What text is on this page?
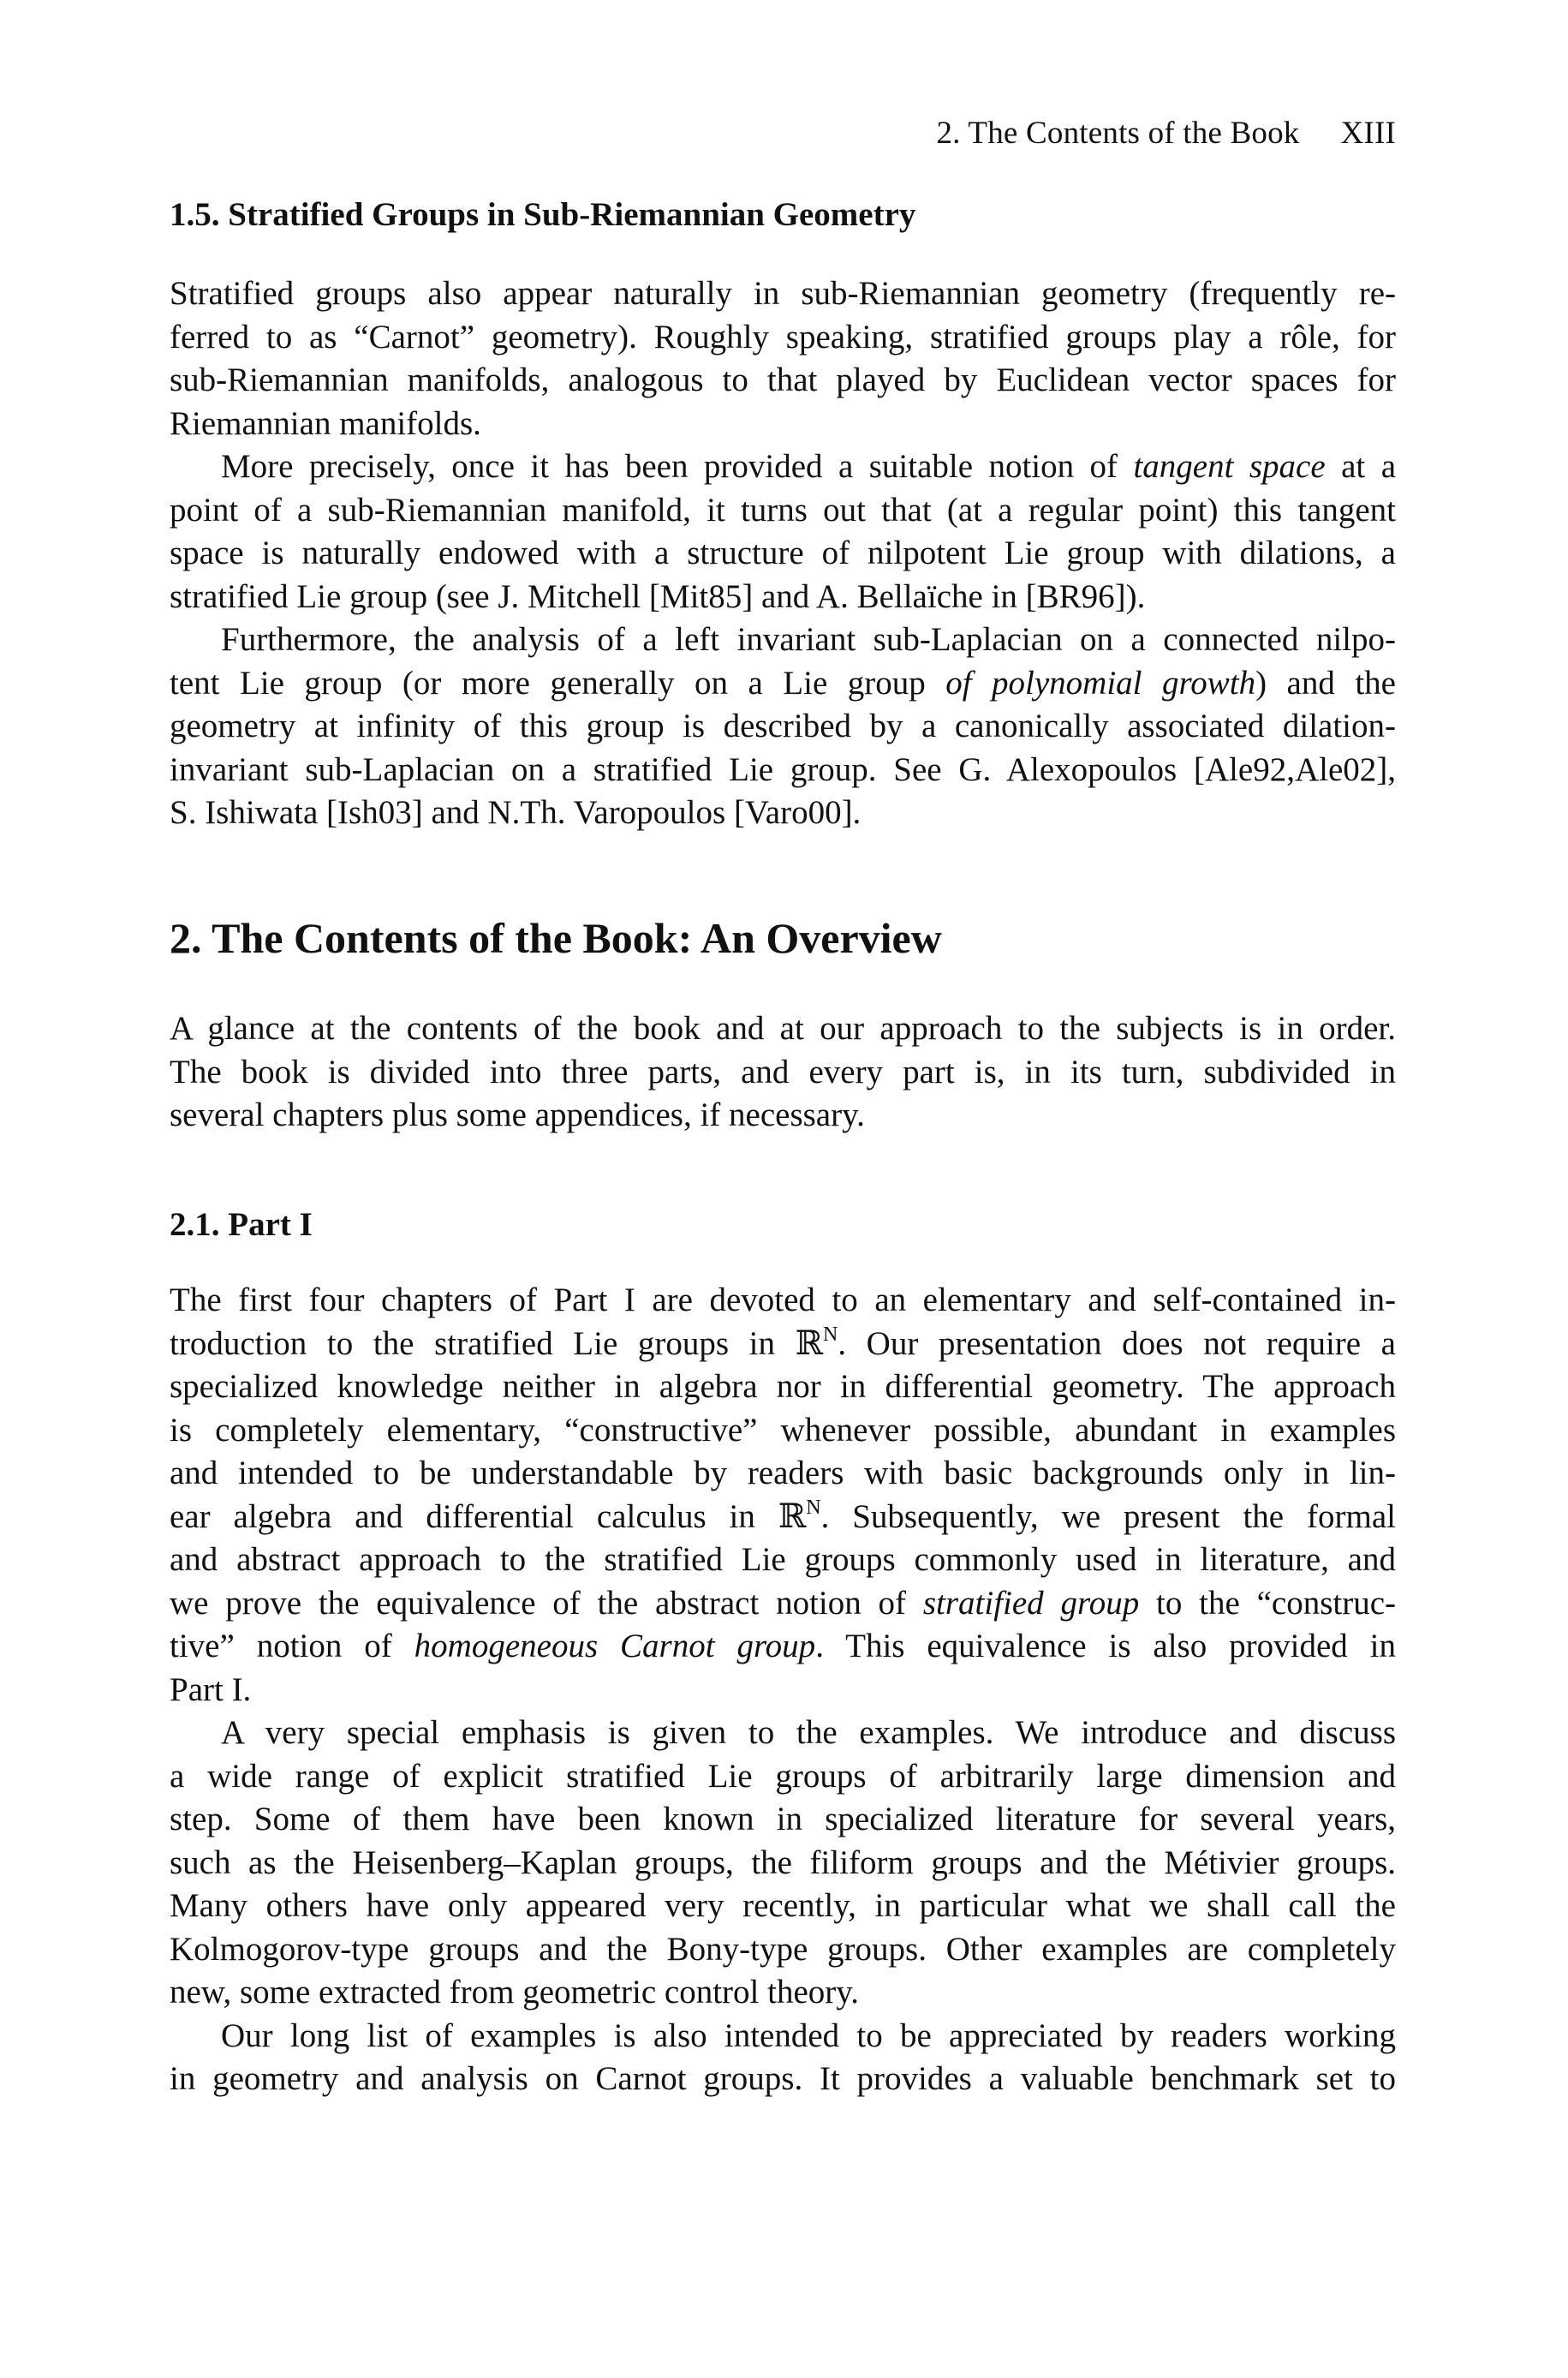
2. The Contents of the Book XIII
1.5. Stratified Groups in Sub-Riemannian Geometry

Stratified groups also appear naturally in sub-Riemannian geometry (frequently re-
ferred to as “Carnot” geometry). Roughly speaking, stratified groups play a rôle, for
sub-Riemannian manifolds, analogous to that played by Euclidean vector spaces for
Riemannian manifolds.

More precisely, once it has been provided a suitable notion of tangent space at a
point of a sub-Riemannian manifold, it turns out that (at a regular point) this tangent
space is naturally endowed with a structure of nilpotent Lie group with dilations, a
stratified Lie group (see J. Mitchell [Mit85] and A. Bellaïche in [BR96]).

Furthermore, the analysis of a left invariant sub-Laplacian on a connected nilpo-
tent Lie group (or more generally on a Lie group of polynomial growth) and the
geometry at infinity of this group is described by a canonically associated dilation-
invariant sub-Laplacian on a stratified Lie group. See G. Alexopoulos [Ale92,Ale02],
S. Ishiwata [Ish03] and N.Th. Varopoulos [Varo00].

2. The Contents of the Book: An Overview

A glance at the contents of the book and at our approach to the subjects is in order.
The book is divided into three parts, and every part is, in its turn, subdivided in
several chapters plus some appendices, if necessary.

2.1. Part I

The first four chapters of Part I are devoted to an elementary and self-contained in-
troduction to the stratified Lie groups in ℝ$^N$. Our presentation does not require a
specialized knowledge neither in algebra nor in differential geometry. The approach
is completely elementary, “constructive” whenever possible, abundant in examples
and intended to be understandable by readers with basic backgrounds only in lin-
ear algebra and differential calculus in ℝ$^N$. Subsequently, we present the formal
and abstract approach to the stratified Lie groups commonly used in literature, and
we prove the equivalence of the abstract notion of stratified group to the “construc-
tive” notion of homogeneous Carnot group. This equivalence is also provided in
Part I.

A very special emphasis is given to the examples. We introduce and discuss
a wide range of explicit stratified Lie groups of arbitrarily large dimension and
step. Some of them have been known in specialized literature for several years,
such as the Heisenberg–Kaplan groups, the filiform groups and the Métivier groups.
Many others have only appeared very recently, in particular what we shall call the
Kolmogorov-type groups and the Bony-type groups. Other examples are completely
new, some extracted from geometric control theory.

Our long list of examples is also intended to be appreciated by readers working
in geometry and analysis on Carnot groups. It provides a valuable benchmark set to
